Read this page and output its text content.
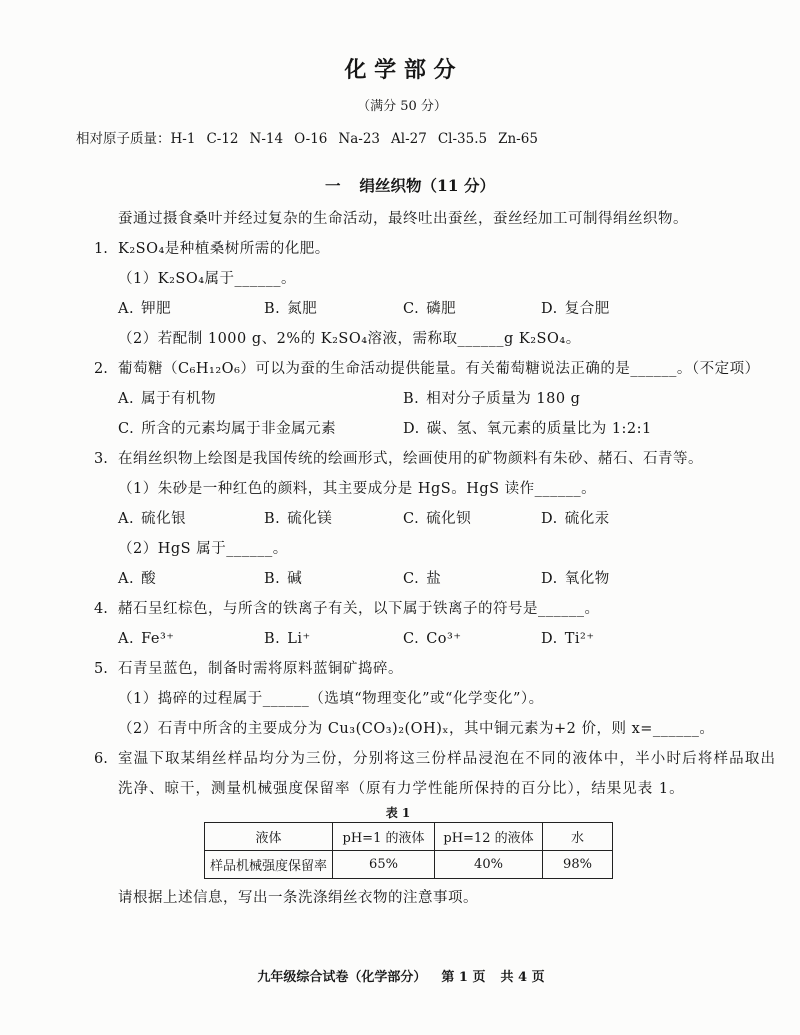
化 学 部 分
（满分 50 分）
相对原子质量：H-1 C-12 N-14 O-16 Na-23 Al-27 Cl-35.5 Zn-65
一 绢丝织物（11 分）
蚕通过摄食桑叶并经过复杂的生命活动，最终吐出蚕丝，蚕丝经加工可制得绢丝织物。
1. K₂SO₄是种植桑树所需的化肥。
（1）K₂SO₄属于______。
A. 钾肥	B. 氮肥	C. 磷肥	D. 复合肥
（2）若配制 1000 g、2%的 K₂SO₄溶液，需称取______g K₂SO₄。
2. 葡萄糖（C₆H₁₂O₆）可以为蚕的生命活动提供能量。有关葡萄糖说法正确的是______。（不定项）
A. 属于有机物	B. 相对分子质量为 180 g
C. 所含的元素均属于非金属元素	D. 碳、氢、氧元素的质量比为 1:2:1
3. 在绢丝织物上绘图是我国传统的绘画形式，绘画使用的矿物颜料有朱砂、赭石、石青等。
（1）朱砂是一种红色的颜料，其主要成分是 HgS。HgS 读作______。
A. 硫化银	B. 硫化镁	C. 硫化钡	D. 硫化汞
（2）HgS 属于______。
A. 酸	B. 碱	C. 盐	D. 氧化物
4. 赭石呈红棕色，与所含的铁离子有关，以下属于铁离子的符号是______。
A. Fe³⁺	B. Li⁺	C. Co³⁺	D. Ti²⁺
5. 石青呈蓝色，制备时需将原料蓝铜矿捣碎。
（1）捣碎的过程属于______（选填“物理变化”或“化学变化”）。
（2）石青中所含的主要成分为 Cu₃(CO₃)₂(OH)ₓ，其中铜元素为+2 价，则 x=______。
6. 室温下取某绢丝样品均分为三份，分别将这三份样品浸泡在不同的液体中，半小时后将样品取出洗净、晾干，测量机械强度保留率（原有力学性能所保持的百分比），结果见表 1。
表 1
液体	pH=1 的液体	pH=12 的液体	水
样品机械强度保留率	65%	40%	98%
请根据上述信息，写出一条洗涤绢丝衣物的注意事项。
九年级综合试卷（化学部分） 第 1 页 共 4 页
